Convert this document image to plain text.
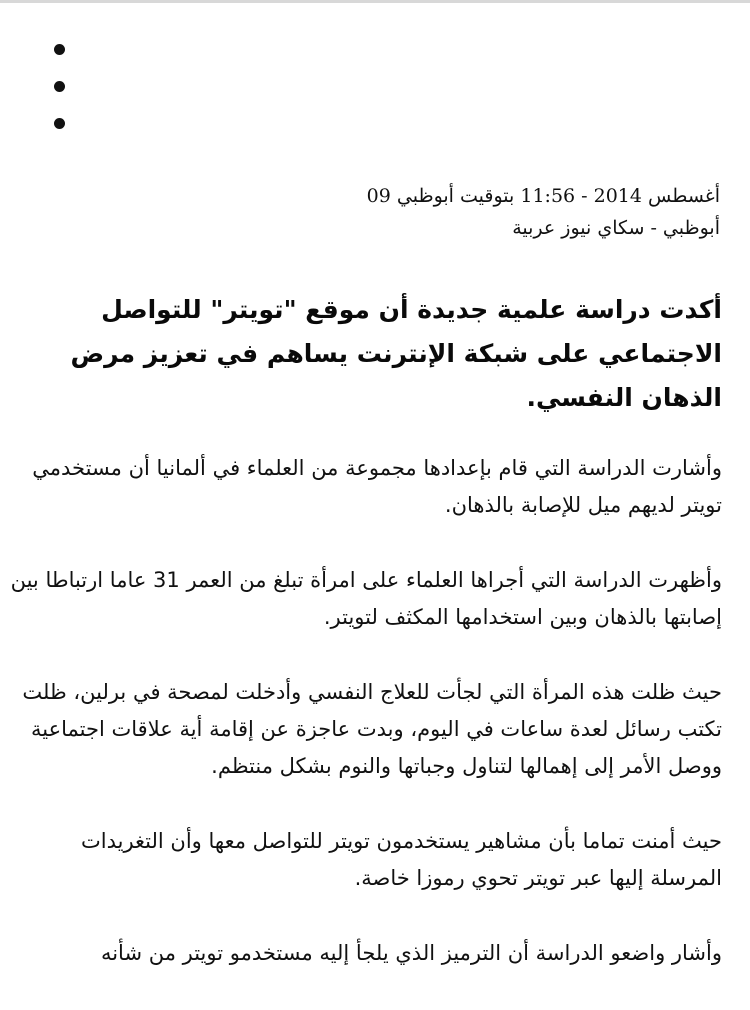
أغسطس 2014 - 11:56 بتوقيت أبوظبي 09
أبوظبي - سكاي نيوز عربية
أكدت دراسة علمية جديدة أن موقع "تويتر" للتواصل الاجتماعي على شبكة الإنترنت يساهم في تعزيز مرض الذهان النفسي.

وأشارت الدراسة التي قام بإعدادها مجموعة من العلماء في ألمانيا أن مستخدمي تويتر لديهم ميل للإصابة بالذهان.

وأظهرت الدراسة التي أجراها العلماء على امرأة تبلغ من العمر 31 عاما ارتباطا بين إصابتها بالذهان وبين استخدامها المكثف لتويتر.

حيث ظلت هذه المرأة التي لجأت للعلاج النفسي وأدخلت لمصحة في برلين، ظلت تكتب رسائل لعدة ساعات في اليوم، وبدت عاجزة عن إقامة أية علاقات اجتماعية ووصل الأمر إلى إهمالها لتناول وجباتها والنوم بشكل منتظم.

حيث أمنت تماما بأن مشاهير يستخدمون تويتر للتواصل معها وأن التغريدات المرسلة إليها عبر تويتر تحوي رموزا خاصة.

وأشار واضعو الدراسة أن الترميز الذي يلجأ إليه مستخدمو تويتر من شأنه
